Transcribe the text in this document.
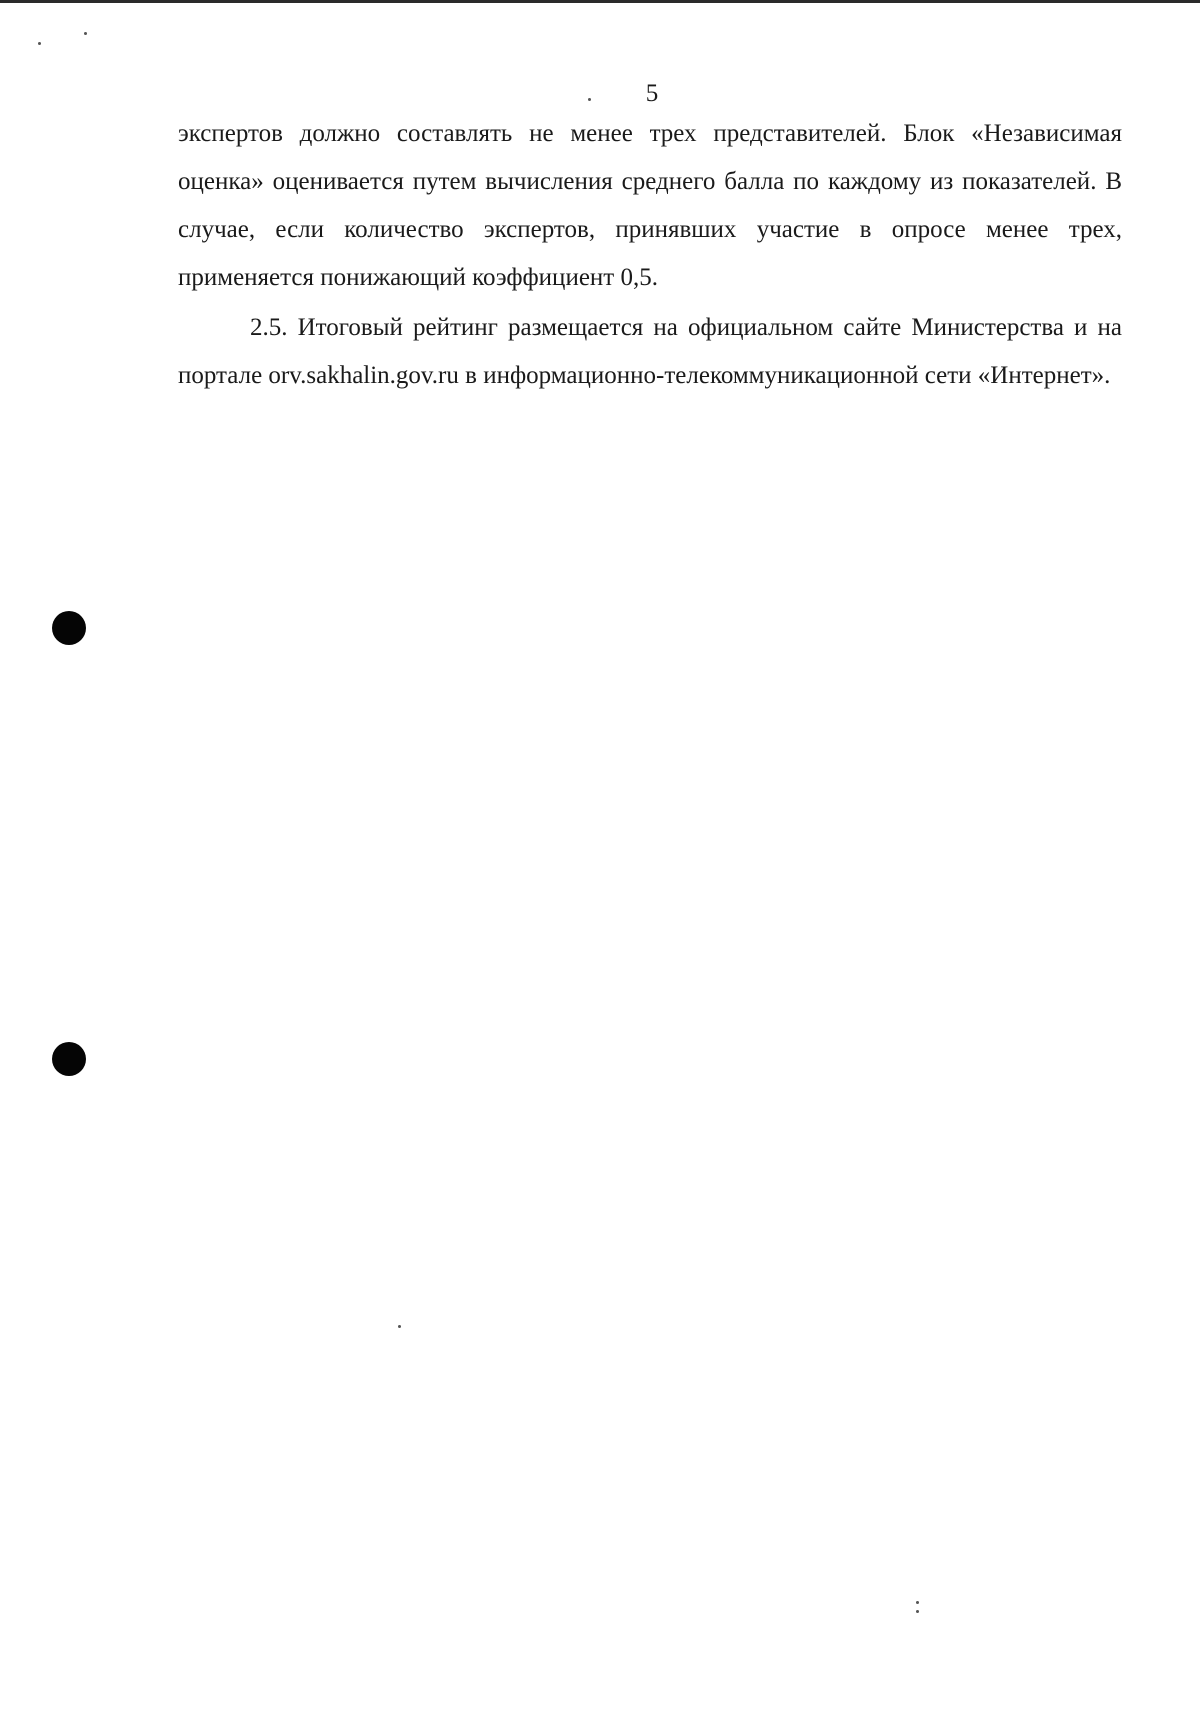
5

экспертов должно составлять не менее трех представителей. Блок «Независимая оценка» оценивается путем вычисления среднего балла по каждому из показателей. В случае, если количество экспертов, принявших участие в опросе менее трех, применяется понижающий коэффициент 0,5.

2.5. Итоговый рейтинг размещается на официальном сайте Министерства и на портале orv.sakhalin.gov.ru в информационно-телекоммуникационной сети «Интернет».
